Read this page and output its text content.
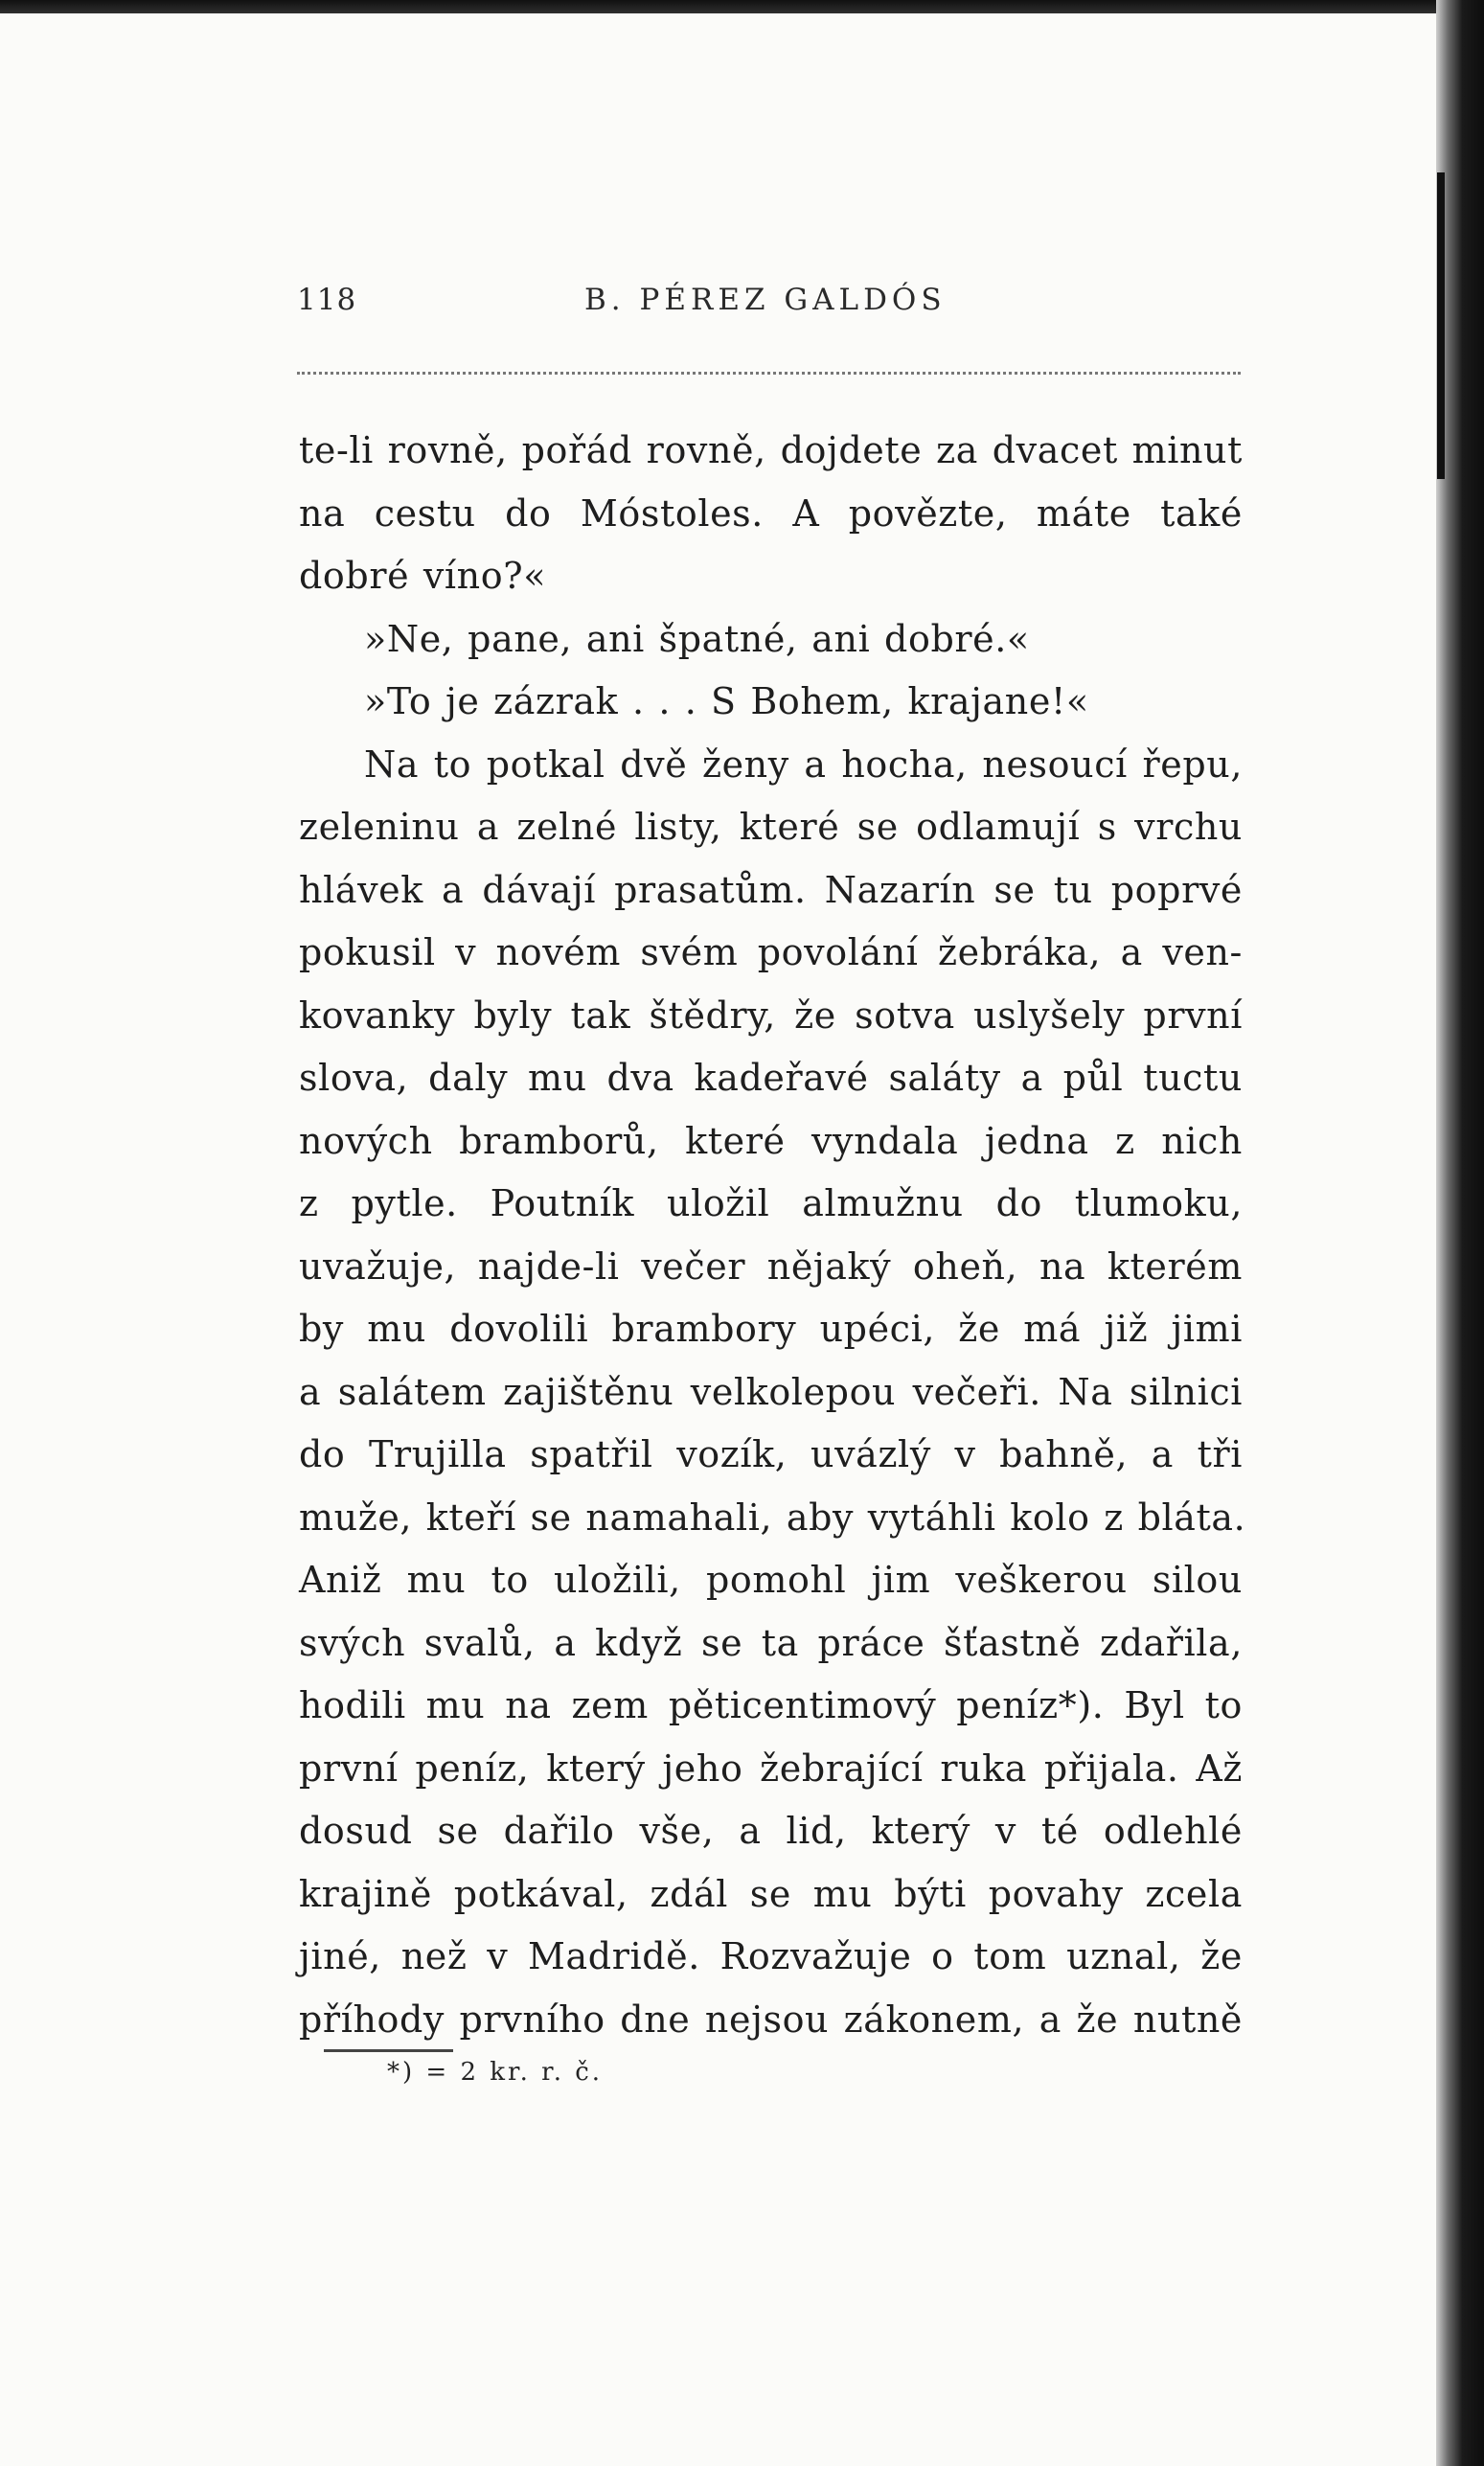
118	B. PÉREZ GALDÓS
te-li rovně, pořád rovně, dojdete za dvacet minut
na cestu do Móstoles. A povězte, máte také
dobré víno?«
»Ne, pane, ani špatné, ani dobré.«
»To je zázrak . . . S Bohem, krajane!«
Na to potkal dvě ženy a hocha, nesoucí řepu,
zeleninu a zelné listy, které se odlamují s vrchu
hlávek a dávají prasatům. Nazarín se tu poprvé
pokusil v novém svém povolání žebráka, a ven-
kovanky byly tak štědry, že sotva uslyšely první
slova, daly mu dva kadeřavé saláty a půl tuctu
nových bramborů, které vyndala jedna z nich
z pytle. Poutník uložil almužnu do tlumoku,
uvažuje, najde-li večer nějaký oheň, na kterém
by mu dovolili brambory upéci, že má již jimi
a salátem zajištěnu velkolepou večeři. Na silnici
do Trujilla spatřil vozík, uvázlý v bahně, a tři
muže, kteří se namahali, aby vytáhli kolo z bláta.
Aniž mu to uložili, pomohl jim veškerou silou
svých svalů, a když se ta práce šťastně zdařila,
hodili mu na zem pěticentimový peníz*). Byl to
první peníz, který jeho žebrající ruka přijala. Až
dosud se dařilo vše, a lid, který v té odlehlé
krajině potkával, zdál se mu býti povahy zcela
jiné, než v Madridě. Rozvažuje o tom uznal, že
příhody prvního dne nejsou zákonem, a že nutně
*) = 2 kr. r. č.
